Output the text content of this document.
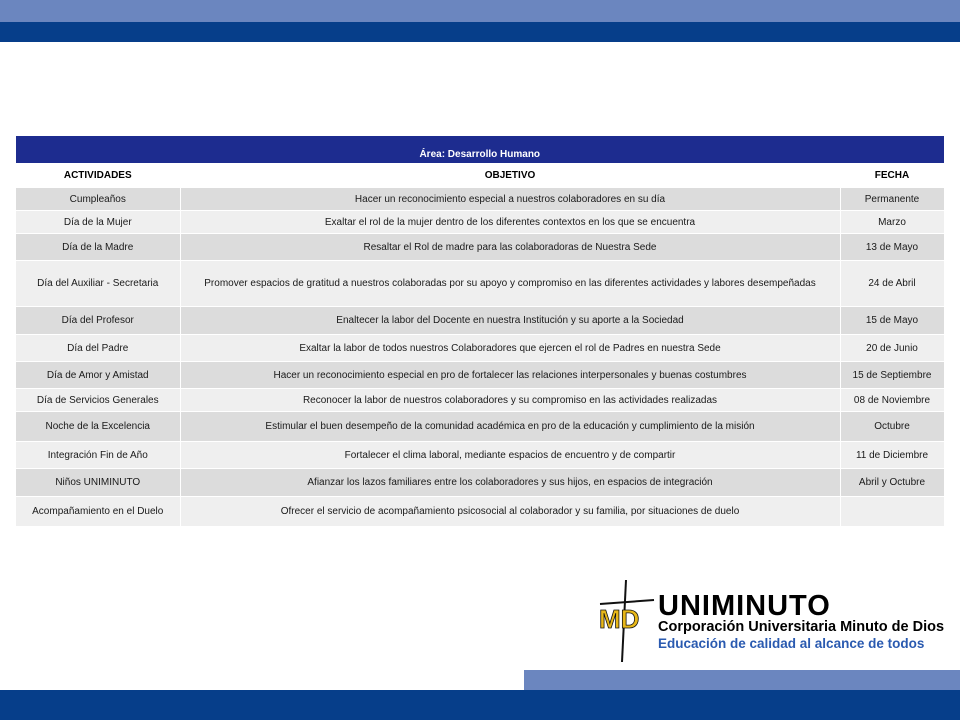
Área: Desarrollo Humano		
ACTIVIDADES	OBJETIVO	FECHA
Cumpleaños	Hacer un reconocimiento especial a nuestros colaboradores en su día	Permanente
Día de la Mujer	Exaltar el rol de la mujer dentro de los diferentes contextos en los que se encuentra	Marzo
Día de la Madre	Resaltar el Rol de madre para las colaboradoras de Nuestra Sede	13 de Mayo
Día del Auxiliar - Secretaria	Promover espacios de gratitud a nuestros colaboradas por su apoyo y compromiso en las diferentes actividades y labores desempeñadas	24 de Abril
Día del Profesor	Enaltecer la labor del Docente en nuestra Institución y su aporte a la Sociedad	15 de Mayo
Día del Padre	Exaltar la labor de todos nuestros Colaboradores que ejercen el rol de Padres en nuestra Sede	20 de Junio
Día de Amor y Amistad	Hacer un reconocimiento especial en pro de fortalecer las relaciones interpersonales y buenas costumbres	15 de Septiembre
Día de Servicios Generales	Reconocer la labor de nuestros colaboradores y su compromiso en las actividades realizadas	08 de Noviembre
Noche de la Excelencia	Estimular el buen desempeño de la comunidad académica en pro de la educación y cumplimiento de la misión	Octubre
Integración Fin de Año	Fortalecer el clima laboral, mediante espacios de encuentro y de compartir	11 de Diciembre
Niños UNIMINUTO	Afianzar los lazos familiares entre los colaboradores y sus hijos, en espacios de integración	Abril y Octubre
Acompañamiento en el Duelo	Ofrecer el servicio de acompañamiento psicosocial al colaborador y su familia, por situaciones de duelo	
MD UNIMINUTO
Corporación Universitaria Minuto de Dios
Educación de calidad al alcance de todos
